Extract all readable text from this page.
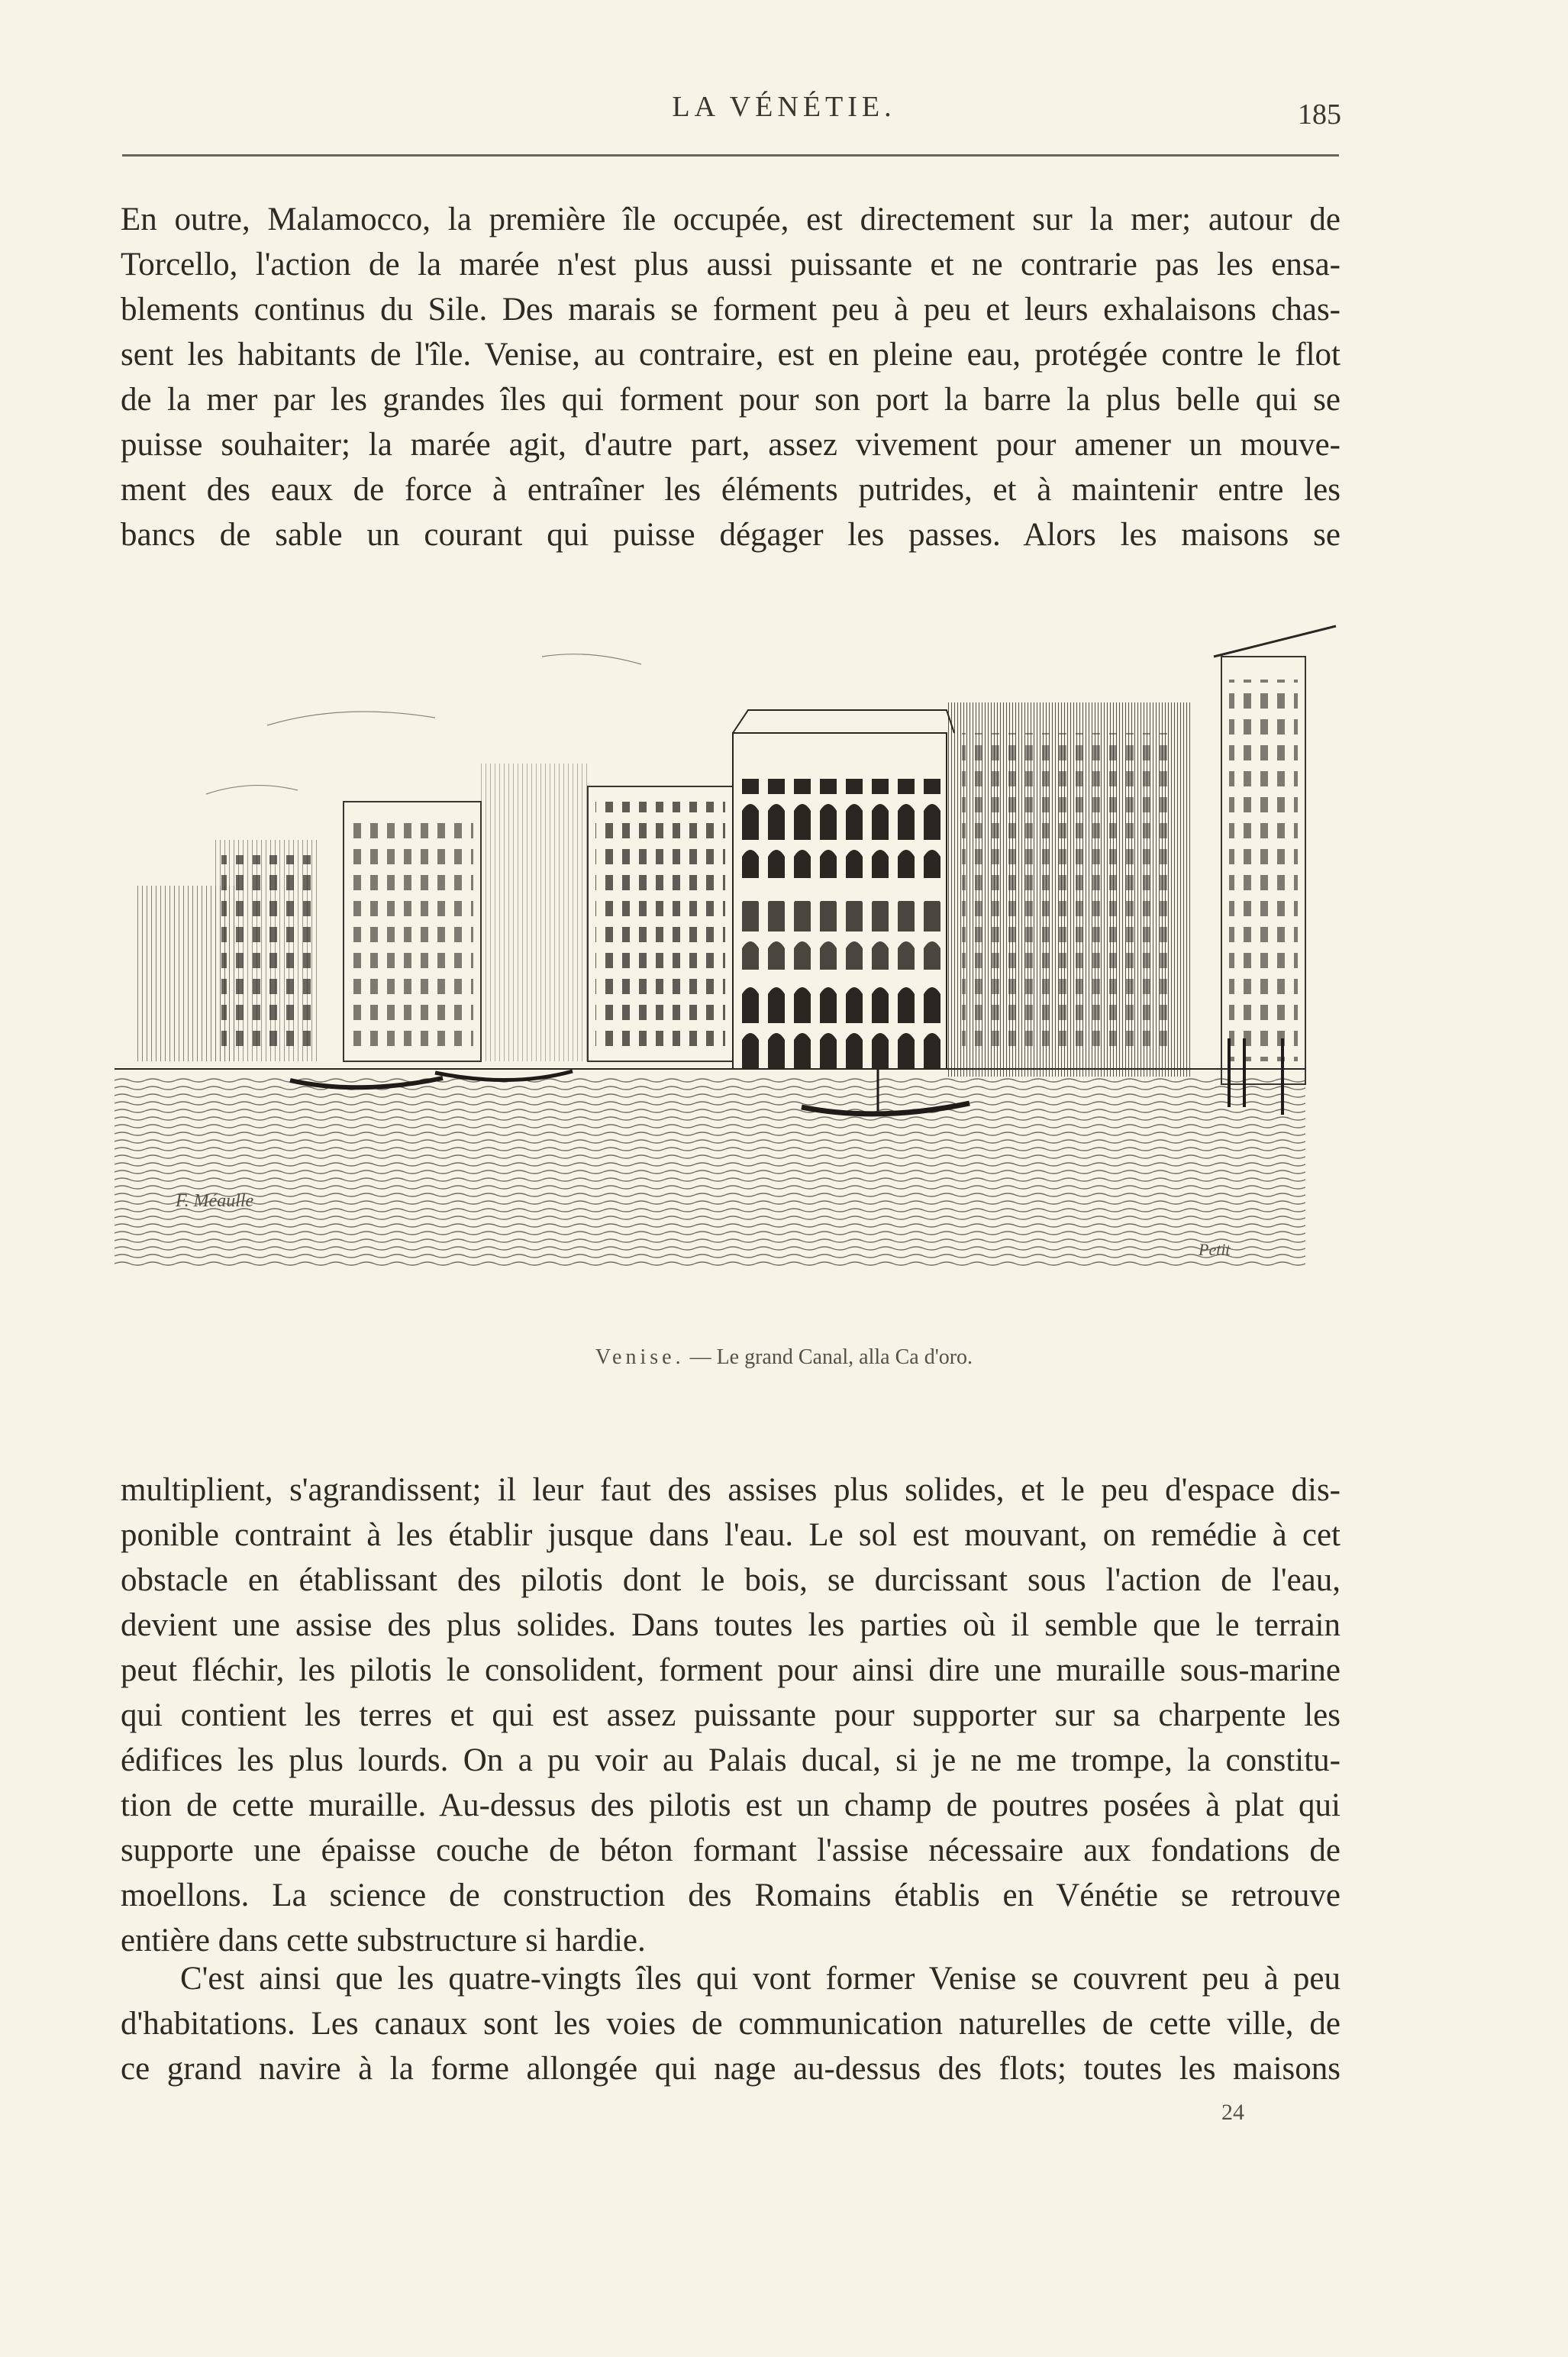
LA VÉNÉTIE.	185
En outre, Malamocco, la première île occupée, est directement sur la mer; autour de
Torcello, l'action de la marée n'est plus aussi puissante et ne contrarie pas les ensa-
blements continus du Sile. Des marais se forment peu à peu et leurs exhalaisons chas-
sent les habitants de l'île. Venise, au contraire, est en pleine eau, protégée contre le flot
de la mer par les grandes îles qui forment pour son port la barre la plus belle qui se
puisse souhaiter; la marée agit, d'autre part, assez vivement pour amener un mouve-
ment des eaux de force à entraîner les éléments putrides, et à maintenir entre les
bancs de sable un courant qui puisse dégager les passes. Alors les maisons se
F. Méaulle
Petit
Venise. — Le grand Canal, alla Ca d'oro.
multiplient, s'agrandissent; il leur faut des assises plus solides, et le peu d'espace dis-
ponible contraint à les établir jusque dans l'eau. Le sol est mouvant, on remédie à cet
obstacle en établissant des pilotis dont le bois, se durcissant sous l'action de l'eau,
devient une assise des plus solides. Dans toutes les parties où il semble que le terrain
peut fléchir, les pilotis le consolident, forment pour ainsi dire une muraille sous-marine
qui contient les terres et qui est assez puissante pour supporter sur sa charpente les
édifices les plus lourds. On a pu voir au Palais ducal, si je ne me trompe, la constitu-
tion de cette muraille. Au-dessus des pilotis est un champ de poutres posées à plat qui
supporte une épaisse couche de béton formant l'assise nécessaire aux fondations de
moellons. La science de construction des Romains établis en Vénétie se retrouve
entière dans cette substructure si hardie.
C'est ainsi que les quatre-vingts îles qui vont former Venise se couvrent peu à peu
d'habitations. Les canaux sont les voies de communication naturelles de cette ville, de
ce grand navire à la forme allongée qui nage au-dessus des flots; toutes les maisons
24
